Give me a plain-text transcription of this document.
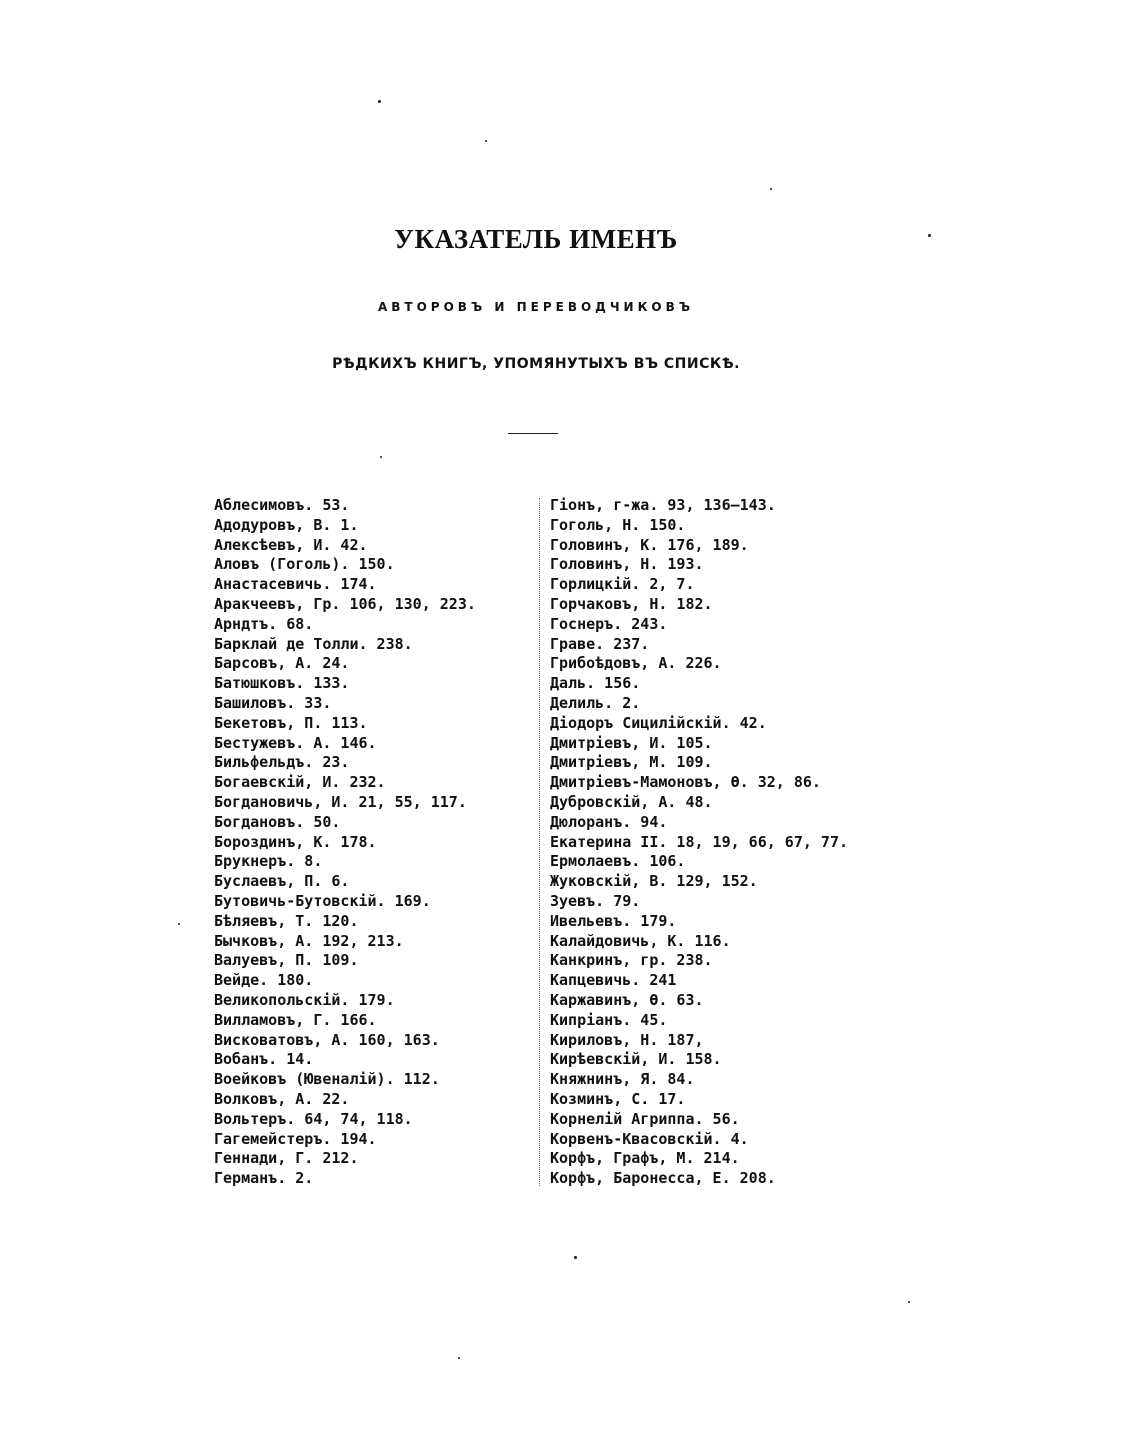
УКАЗАТЕЛЬ ИМЕНЪ
АВТОРОВЪ И ПЕРЕВОДЧИКОВЪ
РѢДКИХЪ КНИГЪ, УПОМЯНУТЫХЪ ВЪ СПИСКѢ.
Аблесимовъ. 53.
Адодуровъ, В. 1.
Алексѣевъ, И. 42.
Аловъ (Гоголь). 150.
Анастасевичь. 174.
Аракчеевъ, Гр. 106, 130, 223.
Арндтъ. 68.
Барклай де Толли. 238.
Барсовъ, А. 24.
Батюшковъ. 133.
Башиловъ. 33.
Бекетовъ, П. 113.
Бестужевъ. А. 146.
Бильфельдъ. 23.
Богаевскій, И. 232.
Богдановичь, И. 21, 55, 117.
Богдановъ. 50.
Бороздинъ, К. 178.
Брукнеръ. 8.
Буслаевъ, П. 6.
Бутовичь-Бутовскій. 169.
Бѣляевъ, Т. 120.
Бычковъ, А. 192, 213.
Валуевъ, П. 109.
Вейде. 180.
Великопольскій. 179.
Вилламовъ, Г. 166.
Висковатовъ, А. 160, 163.
Вобанъ. 14.
Воейковъ (Ювеналій). 112.
Волковъ, А. 22.
Вольтеръ. 64, 74, 118.
Гагемейстеръ. 194.
Геннади, Г. 212.
Германъ. 2.
Гіонъ, г-жа. 93, 136—143.
Гоголь, Н. 150.
Головинъ, К. 176, 189.
Головинъ, Н. 193.
Горлицкій. 2, 7.
Горчаковъ, Н. 182.
Госнеръ. 243.
Граве. 237.
Грибоѣдовъ, А. 226.
Даль. 156.
Делиль. 2.
Діодоръ Сицилійскій. 42.
Дмитріевъ, И. 105.
Дмитріевъ, М. 109.
Дмитріевъ-Мамоновъ, Ѳ. 32, 86.
Дубровскій, А. 48.
Дюлоранъ. 94.
Екатерина II. 18, 19, 66, 67, 77.
Ермолаевъ. 106.
Жуковскій, В. 129, 152.
Зуевъ. 79.
Ивельевъ. 179.
Калайдовичь, К. 116.
Канкринъ, гр. 238.
Капцевичь. 241
Каржавинъ, Ѳ. 63.
Кипріанъ. 45.
Кириловъ, Н. 187,
Кирѣевскій, И. 158.
Княжнинъ, Я. 84.
Козминъ, С. 17.
Корнелій Агриппа. 56.
Корвенъ-Квасовскій. 4.
Корфъ, Графъ, М. 214.
Корфъ, Баронесса, Е. 208.
